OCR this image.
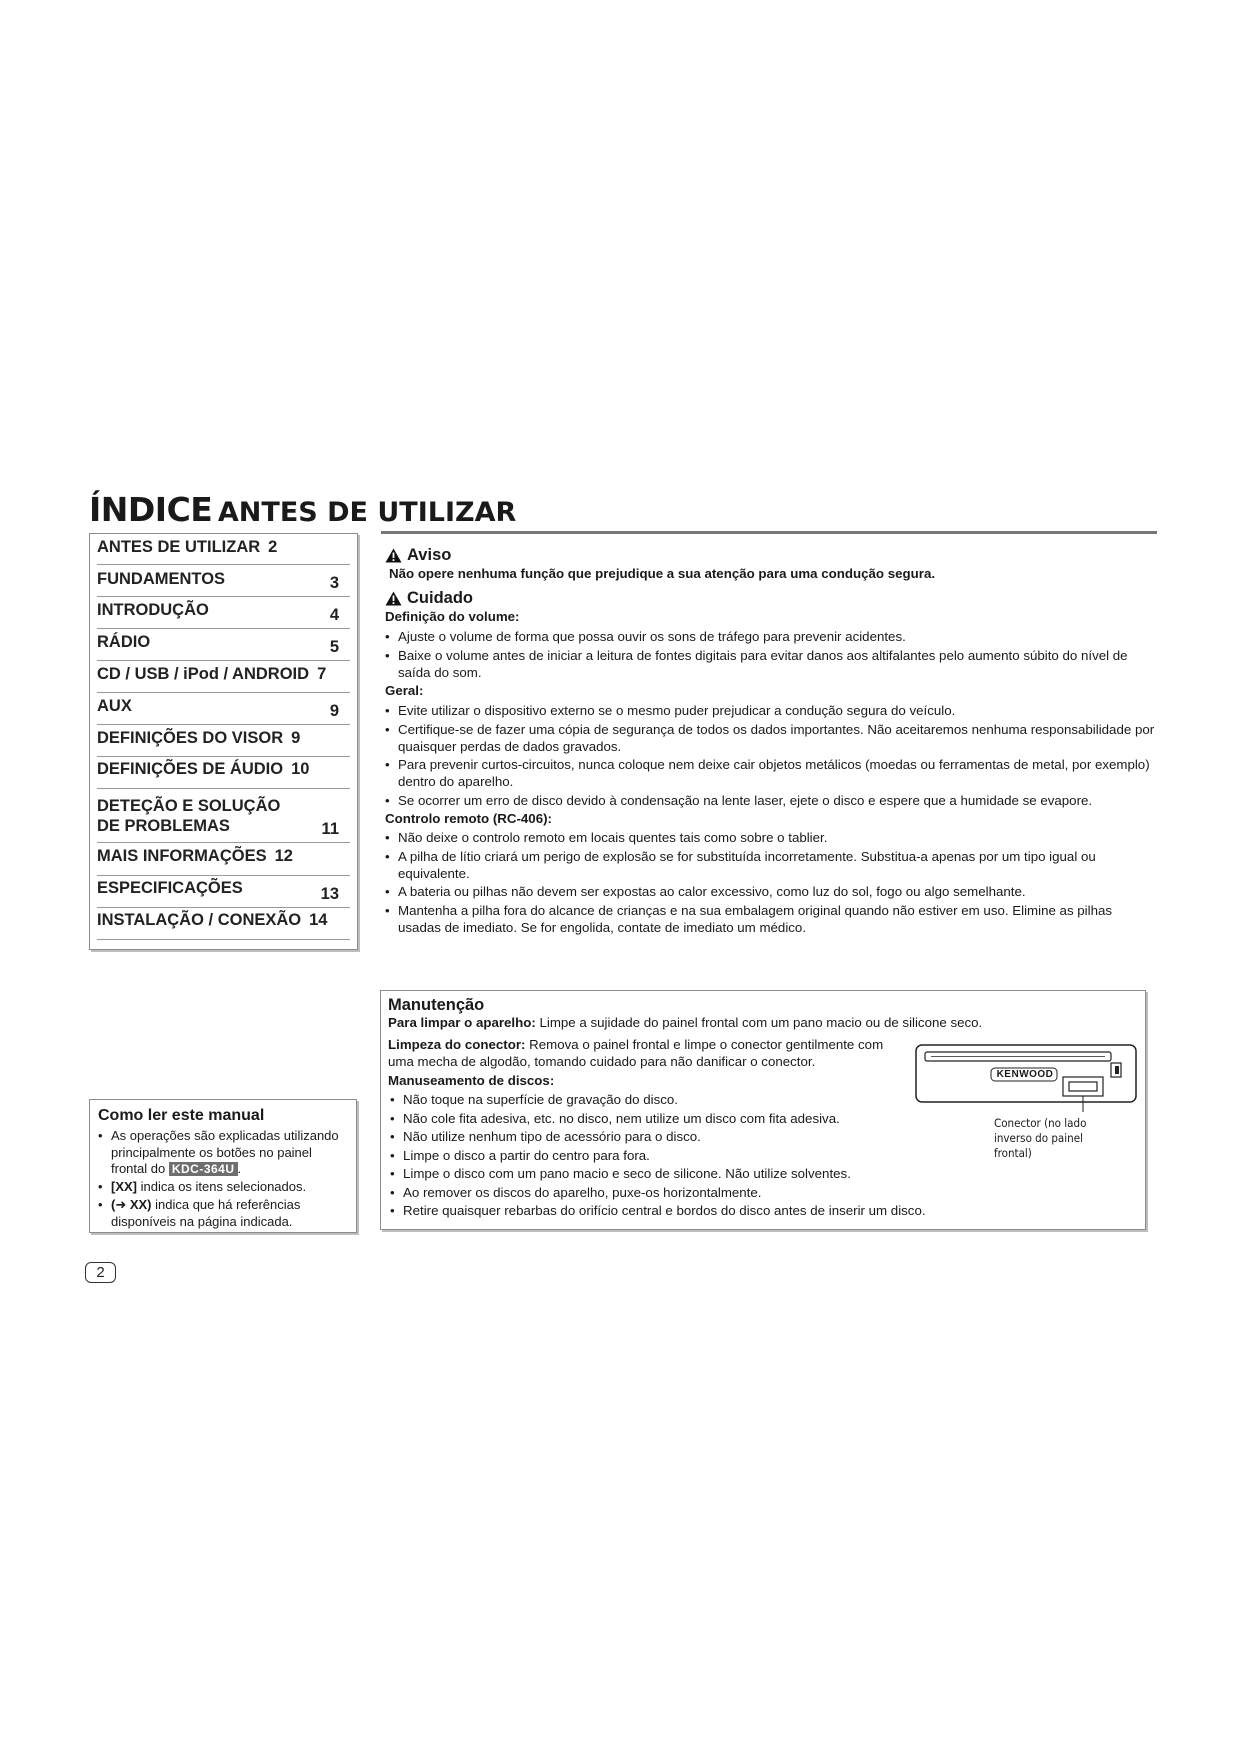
ÍNDICE ANTES DE UTILIZAR
ANTES DE UTILIZAR 2
FUNDAMENTOS	3
INTRODUÇÃO	4
RÁDIO	5
CD / USB / iPod / ANDROID 7
AUX	9
DEFINIÇÕES DO VISOR 9
DEFINIÇÕES DE ÁUDIO 10
DETEÇÃO E SOLUÇÃO DE PROBLEMAS	11
MAIS INFORMAÇÕES 12
ESPECIFICAÇÕES	13
INSTALAÇÃO / CONEXÃO 14
Aviso
Não opere nenhuma função que prejudique a sua atenção para uma condução segura.
Cuidado

Definição do volume:

• Ajuste o volume de forma que possa ouvir os sons de tráfego para prevenir acidentes.
• Baixe o volume antes de iniciar a leitura de fontes digitais para evitar danos aos altifalantes pelo aumento súbito do nível de saída do som.

Geral:

• Evite utilizar o dispositivo externo se o mesmo puder prejudicar a condução segura do veículo.
• Certifique-se de fazer uma cópia de segurança de todos os dados importantes. Não aceitaremos nenhuma responsabilidade por quaisquer perdas de dados gravados.
• Para prevenir curtos-circuitos, nunca coloque nem deixe cair objetos metálicos (moedas ou ferramentas de metal, por exemplo) dentro do aparelho.
• Se ocorrer um erro de disco devido à condensação na lente laser, ejete o disco e espere que a humidade se evapore.

Controlo remoto (RC-406):

• Não deixe o controlo remoto em locais quentes tais como sobre o tablier.
• A pilha de lítio criará um perigo de explosão se for substituída incorretamente. Substitua-a apenas por um tipo igual ou equivalente.
• A bateria ou pilhas não devem ser expostas ao calor excessivo, como luz do sol, fogo ou algo semelhante.
• Mantenha a pilha fora do alcance de crianças e na sua embalagem original quando não estiver em uso. Elimine as pilhas usadas de imediato. Se for engolida, contate de imediato um médico.
Como ler este manual
• As operações são explicadas utilizando principalmente os botões no painel frontal do KDC-364U .
• [XX] indica os itens selecionados.
• (➜ XX) indica que há referências disponíveis na página indicada.
Manutenção
Para limpar o aparelho: Limpe a sujidade do painel frontal com um pano macio ou de silicone seco.
Limpeza do conector: Remova o painel frontal e limpe o conector gentilmente com uma mecha de algodão, tomando cuidado para não danificar o conector.

Manuseamento de discos:

• Não toque na superfície de gravação do disco.
• Não cole fita adesiva, etc. no disco, nem utilize um disco com fita adesiva.
• Não utilize nenhum tipo de acessório para o disco.
• Limpe o disco a partir do centro para fora.
• Limpe o disco com um pano macio e seco de silicone. Não utilize solventes.
• Ao remover os discos do aparelho, puxe-os horizontalmente.
• Retire quaisquer rebarbas do orifício central e bordos do disco antes de inserir um disco.
KENWOOD
Conector (no lado inverso do painel frontal)
2
